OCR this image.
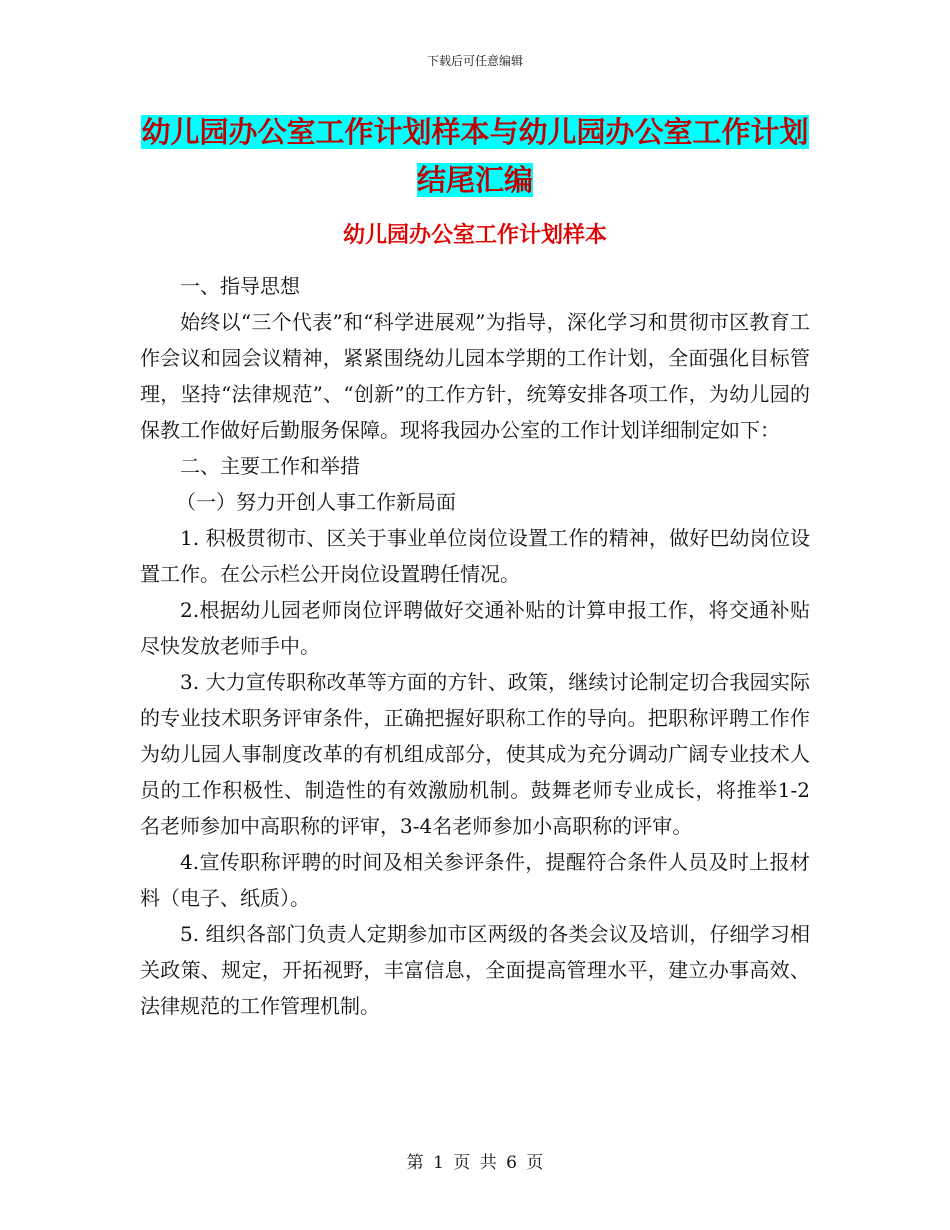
下载后可任意编辑

幼儿园办公室工作计划样本与幼儿园办公室工作计划
结尾汇编
幼儿园办公室工作计划样本

一、指导思想

始终以“三个代表”和“科学进展观”为指导，深化学习和贯彻市区教育工作会议和园会议精神，紧紧围绕幼儿园本学期的工作计划，全面强化目标管理，坚持“法律规范”、“创新”的工作方针，统筹安排各项工作，为幼儿园的保教工作做好后勤服务保障。现将我园办公室的工作计划详细制定如下：

二、主要工作和举措

（一）努力开创人事工作新局面

1. 积极贯彻市、区关于事业单位岗位设置工作的精神，做好巴幼岗位设置工作。在公示栏公开岗位设置聘任情况。

2.根据幼儿园老师岗位评聘做好交通补贴的计算申报工作，将交通补贴尽快发放老师手中。

3. 大力宣传职称改革等方面的方针、政策，继续讨论制定切合我园实际的专业技术职务评审条件，正确把握好职称工作的导向。把职称评聘工作作为幼儿园人事制度改革的有机组成部分，使其成为充分调动广阔专业技术人员的工作积极性、制造性的有效激励机制。鼓舞老师专业成长，将推举1-2名老师参加中高职称的评审，3-4名老师参加小高职称的评审。

4.宣传职称评聘的时间及相关参评条件，提醒符合条件人员及时上报材料（电子、纸质）。

5. 组织各部门负责人定期参加市区两级的各类会议及培训，仔细学习相关政策、规定，开拓视野，丰富信息，全面提高管理水平，建立办事高效、法律规范的工作管理机制。

第 1 页 共 6 页
